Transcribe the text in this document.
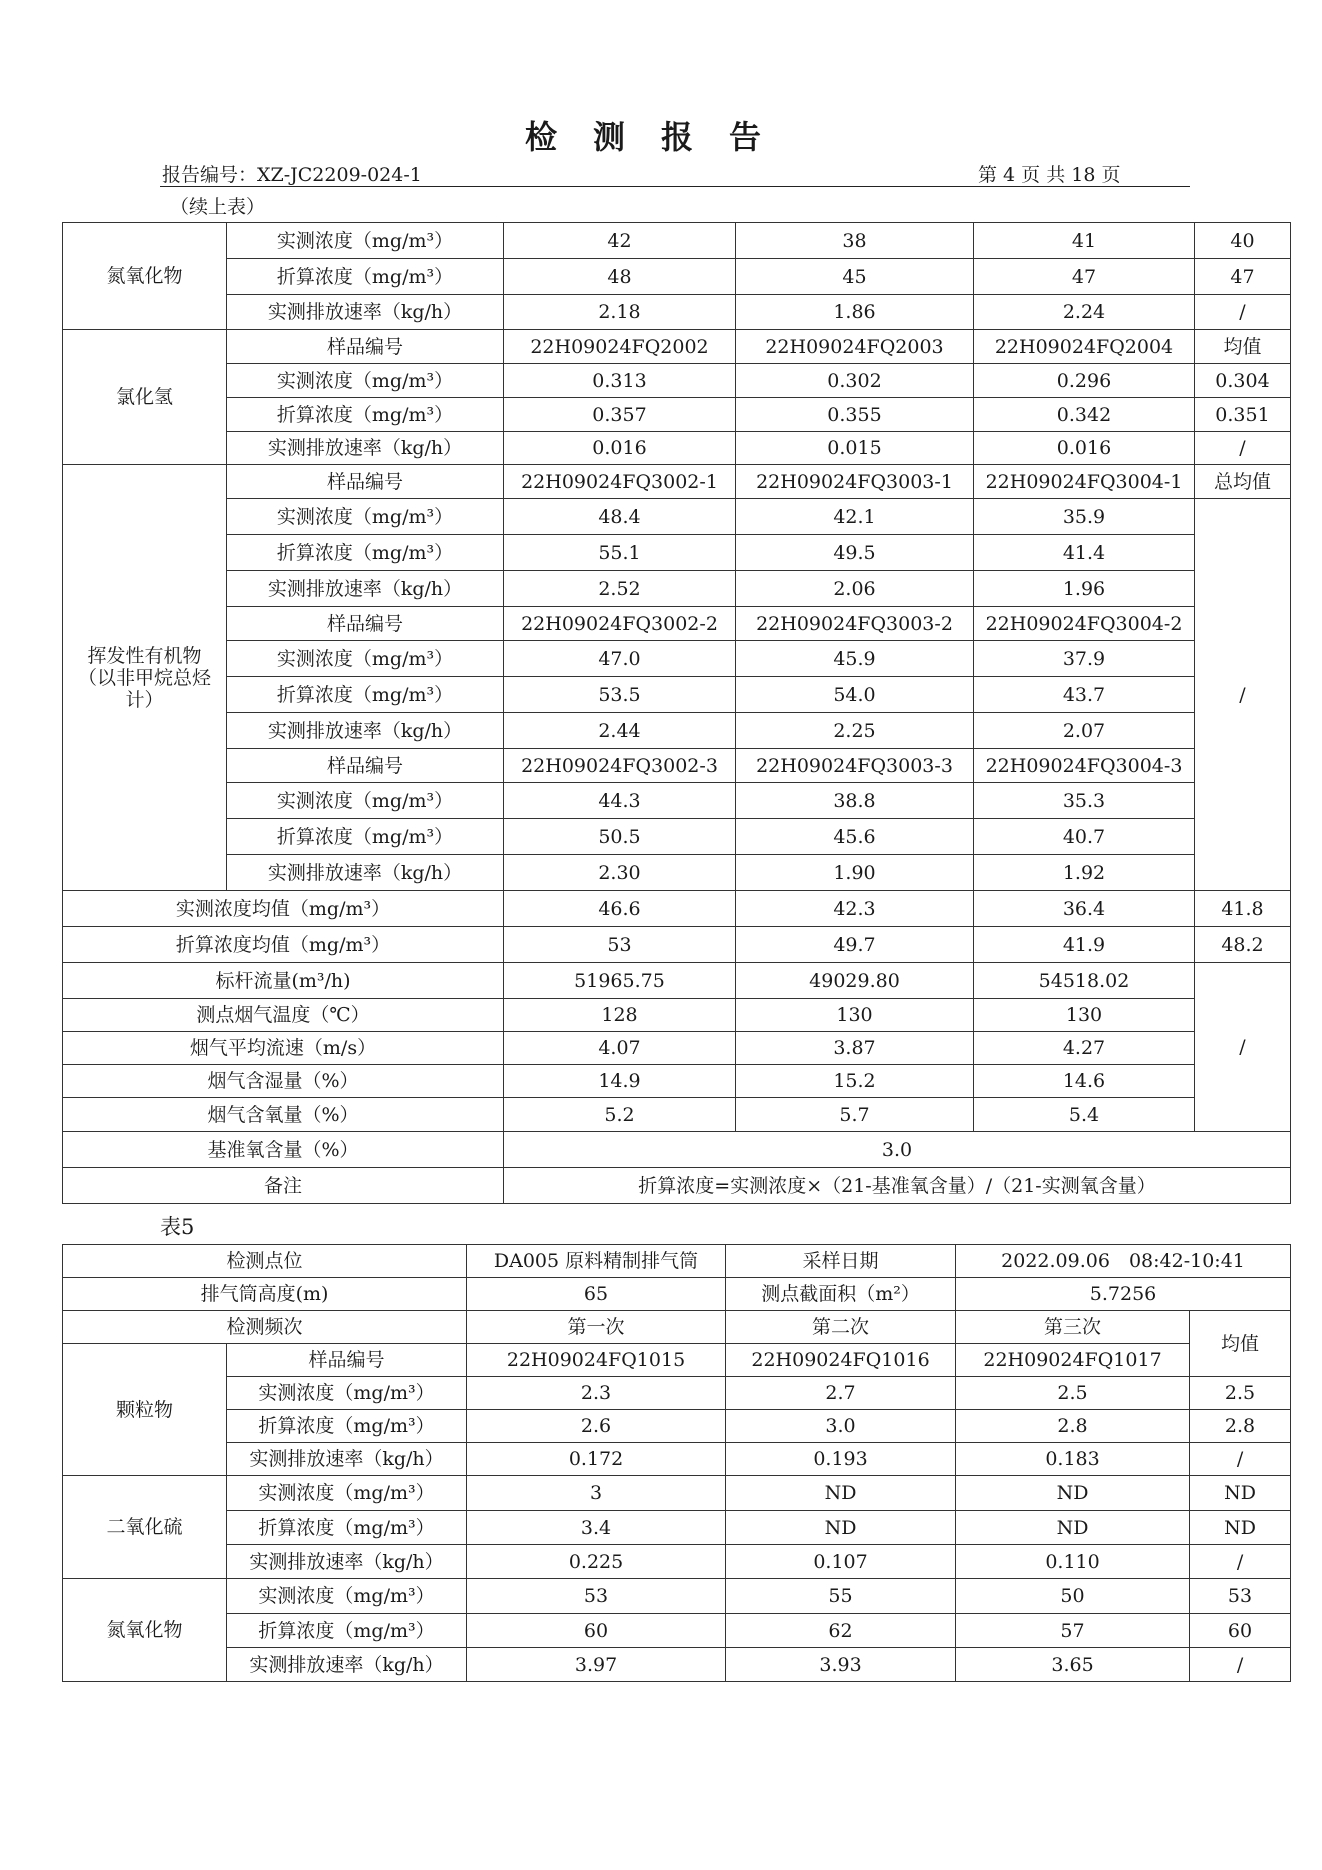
检测报告
报告编号：XZ-JC2209-024-1	第 4 页 共 18 页
（续上表）
氮氧化物	实测浓度（mg/m³）	42	38	41	40
	折算浓度（mg/m³）	48	45	47	47
	实测排放速率（kg/h）	2.18	1.86	2.24	/
氯化氢	样品编号	22H09024FQ2002	22H09024FQ2003	22H09024FQ2004	均值
	实测浓度（mg/m³）	0.313	0.302	0.296	0.304
	折算浓度（mg/m³）	0.357	0.355	0.342	0.351
	实测排放速率（kg/h）	0.016	0.015	0.016	/
挥发性有机物（以非甲烷总烃计）	样品编号	22H09024FQ3002-1	22H09024FQ3003-1	22H09024FQ3004-1	总均值
	实测浓度（mg/m³）	48.4	42.1	35.9	/
	折算浓度（mg/m³）	55.1	49.5	41.4	
	实测排放速率（kg/h）	2.52	2.06	1.96	
	样品编号	22H09024FQ3002-2	22H09024FQ3003-2	22H09024FQ3004-2	
	实测浓度（mg/m³）	47.0	45.9	37.9	
	折算浓度（mg/m³）	53.5	54.0	43.7	
	实测排放速率（kg/h）	2.44	2.25	2.07	
	样品编号	22H09024FQ3002-3	22H09024FQ3003-3	22H09024FQ3004-3	
	实测浓度（mg/m³）	44.3	38.8	35.3	
	折算浓度（mg/m³）	50.5	45.6	40.7	
	实测排放速率（kg/h）	2.30	1.90	1.92	
实测浓度均值（mg/m³）		46.6	42.3	36.4	41.8
折算浓度均值（mg/m³）		53	49.7	41.9	48.2
标杆流量(m³/h)		51965.75	49029.80	54518.02	/
测点烟气温度（℃）		128	130	130	
烟气平均流速（m/s）		4.07	3.87	4.27	
烟气含湿量（%）		14.9	15.2	14.6	
烟气含氧量（%）		5.2	5.7	5.4	
基准氧含量（%）		3.0			
备注		折算浓度=实测浓度×（21-基准氧含量）/（21-实测氧含量）			
表5
检测点位		DA005 原料精制排气筒	采样日期	2022.09.06　08:42-10:41	
排气筒高度(m)		65	测点截面积（m²）	5.7256	
检测频次		第一次	第二次	第三次	均值
颗粒物	样品编号	22H09024FQ1015	22H09024FQ1016	22H09024FQ1017	
	实测浓度（mg/m³）	2.3	2.7	2.5	2.5
	折算浓度（mg/m³）	2.6	3.0	2.8	2.8
	实测排放速率（kg/h）	0.172	0.193	0.183	/
二氧化硫	实测浓度（mg/m³）	3	ND	ND	ND
	折算浓度（mg/m³）	3.4	ND	ND	ND
	实测排放速率（kg/h）	0.225	0.107	0.110	/
氮氧化物	实测浓度（mg/m³）	53	55	50	53
	折算浓度（mg/m³）	60	62	57	60
	实测排放速率（kg/h）	3.97	3.93	3.65	/
